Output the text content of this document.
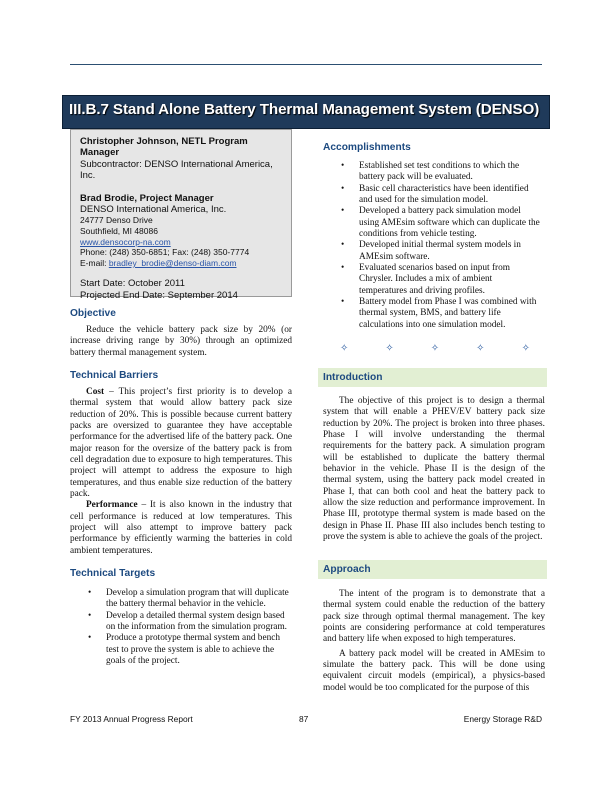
III.B.7 Stand Alone Battery Thermal Management System (DENSO)
Christopher Johnson, NETL Program Manager
Subcontractor: DENSO International America, Inc.
Brad Brodie, Project Manager
DENSO International America, Inc.
24777 Denso Drive
Southfield, MI 48086
www.densocorp-na.com
Phone: (248) 350-6851; Fax: (248) 350-7774
E-mail: bradley_brodie@denso-diam.com
Start Date: October 2011
Projected End Date: September 2014
Objective

Reduce the vehicle battery pack size by 20% (or increase driving range by 30%) through an optimized battery thermal management system.

Technical Barriers

Cost – This project’s first priority is to develop a thermal system that would allow battery pack size reduction of 20%. This is possible because current battery packs are oversized to guarantee they have acceptable performance for the advertised life of the battery pack. One major reason for the oversize of the battery pack is from cell degradation due to exposure to high temperatures. This project will attempt to address the exposure to high temperatures, and thus enable size reduction of the battery pack.

Performance – It is also known in the industry that cell performance is reduced at low temperatures. This project will also attempt to improve battery pack performance by efficiently warming the batteries in cold ambient temperatures.

Technical Targets
• Develop a simulation program that will duplicate the battery thermal behavior in the vehicle.
• Develop a detailed thermal system design based on the information from the simulation program.
• Produce a prototype thermal system and bench test to prove the system is able to achieve the goals of the project.
Accomplishments
• Established set test conditions to which the battery pack will be evaluated.
• Basic cell characteristics have been identified and used for the simulation model.
• Developed a battery pack simulation model using AMEsim software which can duplicate the conditions from vehicle testing.
• Developed initial thermal system models in AMEsim software.
• Evaluated scenarios based on input from Chrysler. Includes a mix of ambient temperatures and driving profiles.
• Battery model from Phase I was combined with thermal system, BMS, and battery life calculations into one simulation model.
✧	✧	✧	✧	✧
Introduction

The objective of this project is to design a thermal system that will enable a PHEV/EV battery pack size reduction by 20%. The project is broken into three phases. Phase I will involve understanding the thermal requirements for the battery pack. A simulation program will be established to duplicate the battery thermal behavior in the vehicle. Phase II is the design of the thermal system, using the battery pack model created in Phase I, that can both cool and heat the battery pack to allow the size reduction and performance improvement. In Phase III, prototype thermal system is made based on the design in Phase II. Phase III also includes bench testing to prove the system is able to achieve the goals of the project.

Approach

The intent of the program is to demonstrate that a thermal system could enable the reduction of the battery pack size through optimal thermal management. The key points are considering performance at cold temperatures and battery life when exposed to high temperatures.

A battery pack model will be created in AMEsim to simulate the battery pack. This will be done using equivalent circuit models (empirical), a physics-based model would be too complicated for the purpose of this

FY 2013 Annual Progress Report	87	Energy Storage R&D
